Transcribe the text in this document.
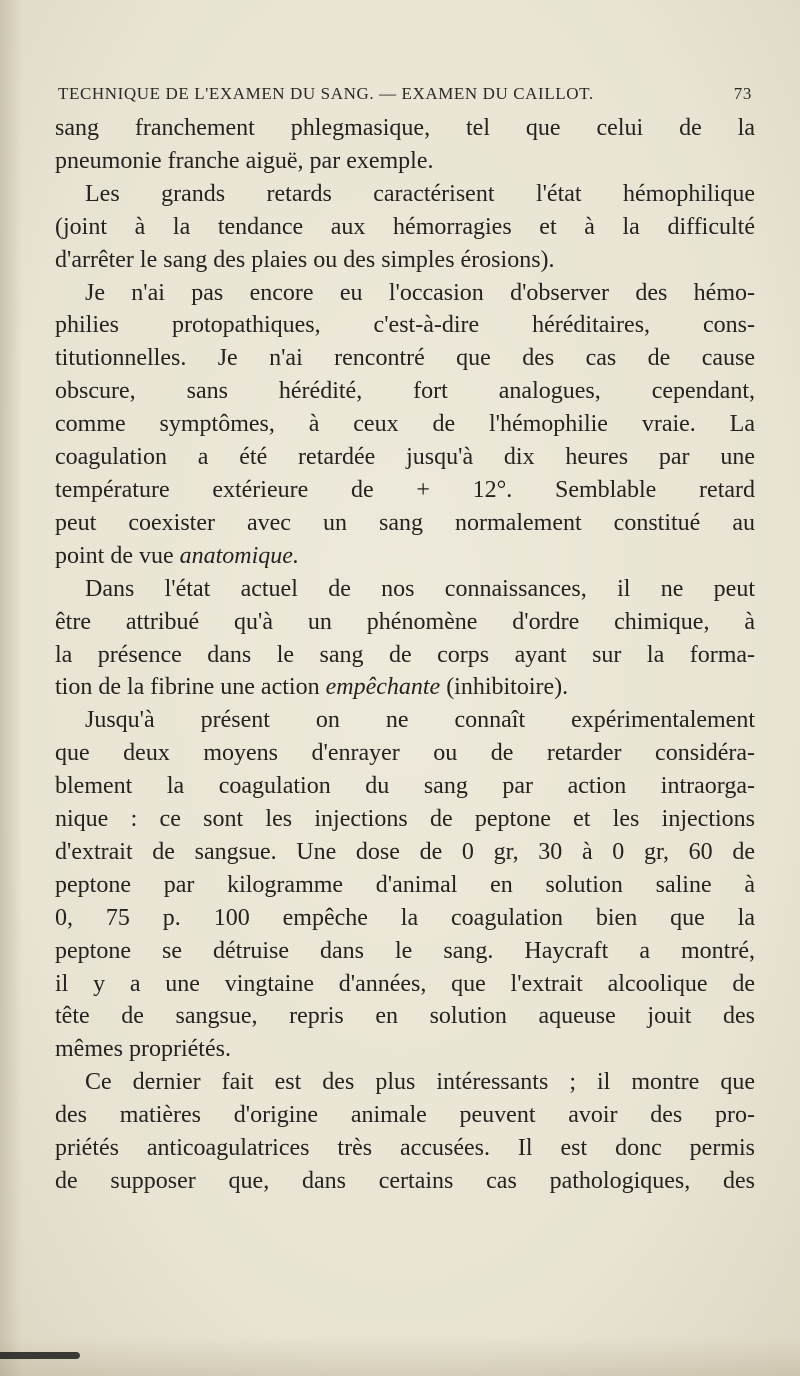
TECHNIQUE DE L'EXAMEN DU SANG. — EXAMEN DU CAILLOT.	73
sang franchement phlegmasique, tel que celui de la
pneumonie franche aiguë, par exemple.
Les grands retards caractérisent l'état hémophilique
(joint à la tendance aux hémorragies et à la difficulté
d'arrêter le sang des plaies ou des simples érosions).
Je n'ai pas encore eu l'occasion d'observer des hémo-
philies protopathiques, c'est-à-dire héréditaires, cons-
titutionnelles. Je n'ai rencontré que des cas de cause
obscure, sans hérédité, fort analogues, cependant,
comme symptômes, à ceux de l'hémophilie vraie. La
coagulation a été retardée jusqu'à dix heures par une
température extérieure de + 12°. Semblable retard
peut coexister avec un sang normalement constitué au
point de vue anatomique.
Dans l'état actuel de nos connaissances, il ne peut
être attribué qu'à un phénomène d'ordre chimique, à
la présence dans le sang de corps ayant sur la forma-
tion de la fibrine une action empêchante (inhibitoire).
Jusqu'à présent on ne connaît expérimentalement
que deux moyens d'enrayer ou de retarder considéra-
blement la coagulation du sang par action intraorga-
nique : ce sont les injections de peptone et les injections
d'extrait de sangsue. Une dose de 0 gr, 30 à 0 gr, 60 de
peptone par kilogramme d'animal en solution saline à
0, 75 p. 100 empêche la coagulation bien que la
peptone se détruise dans le sang. Haycraft a montré,
il y a une vingtaine d'années, que l'extrait alcoolique de
tête de sangsue, repris en solution aqueuse jouit des
mêmes propriétés.
Ce dernier fait est des plus intéressants ; il montre que
des matières d'origine animale peuvent avoir des pro-
priétés anticoagulatrices très accusées. Il est donc permis
de supposer que, dans certains cas pathologiques, des
